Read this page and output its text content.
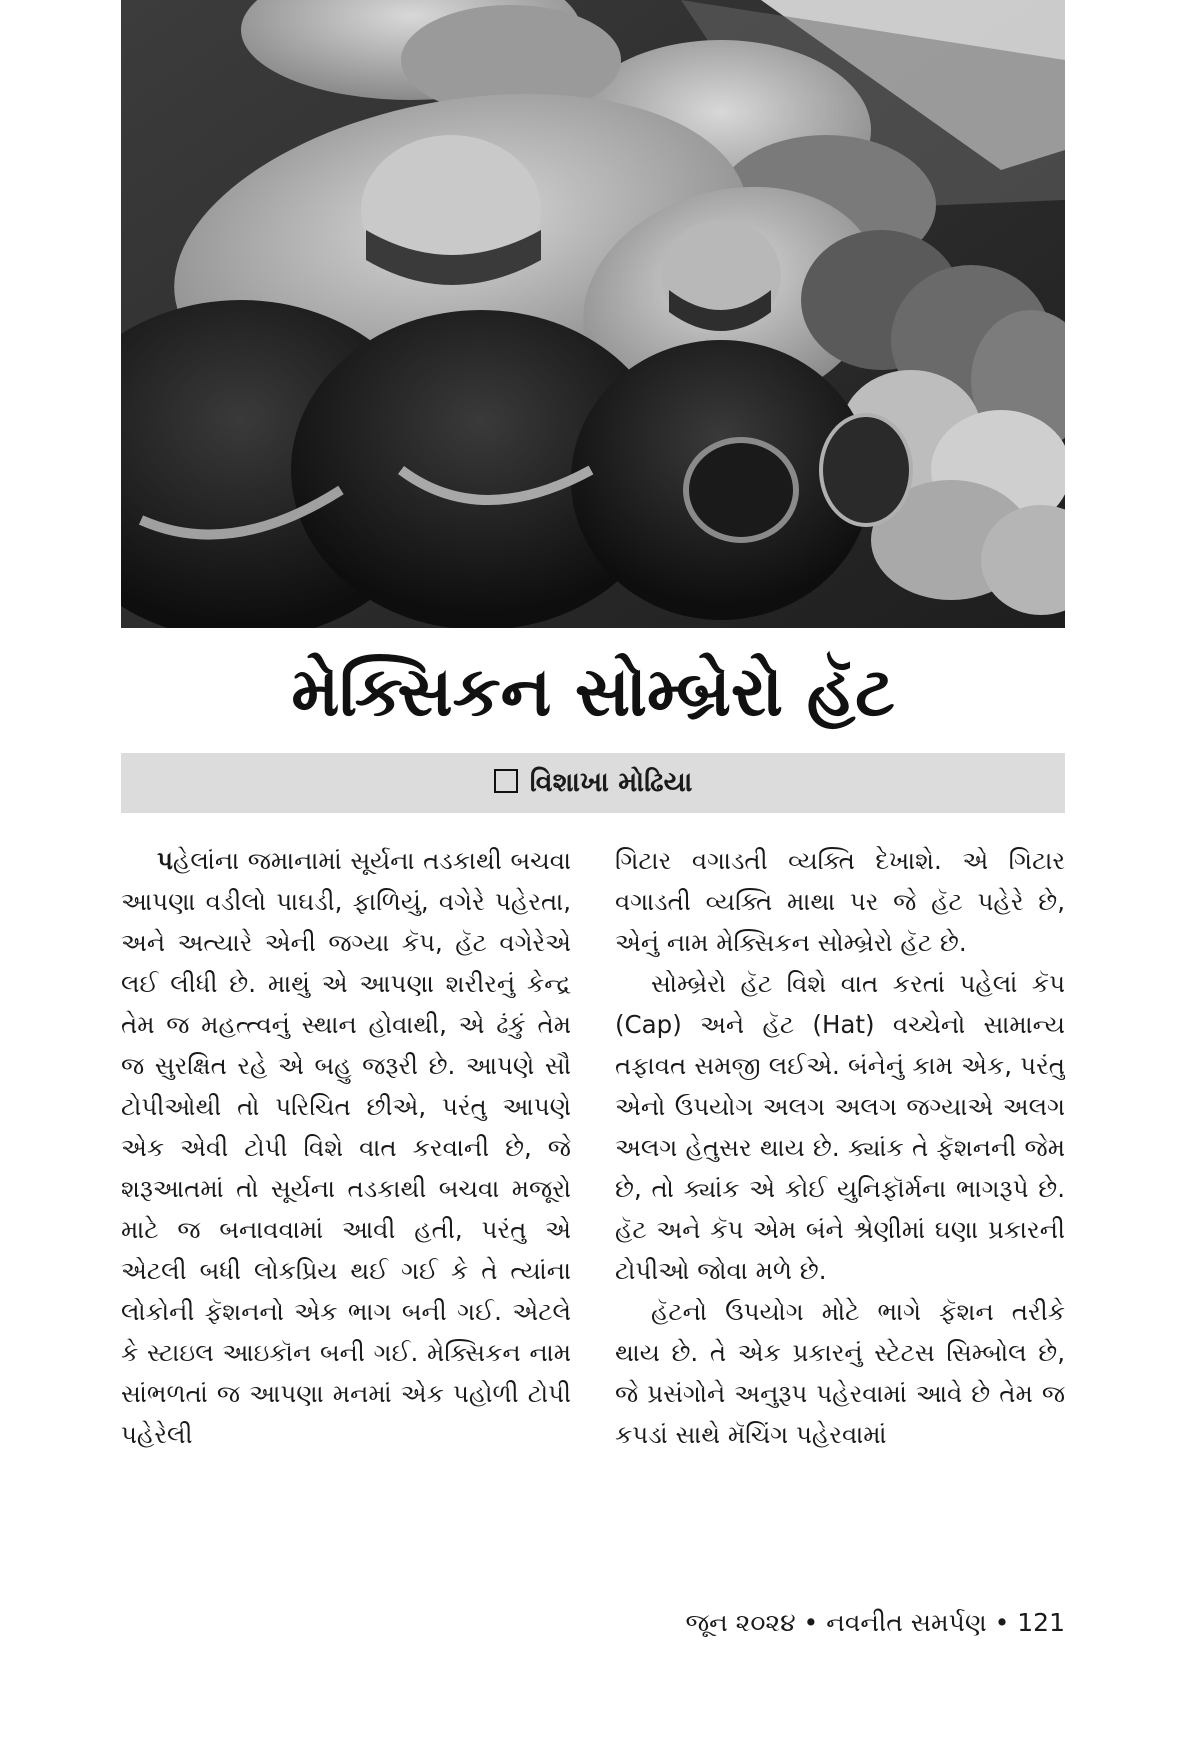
મેક્સિકન સોમ્બ્રેરો હૅટ
વિશાખા મોઢિયા

પહેલાંના જમાનામાં સૂર્યના તડકાથી બચવા આપણા વડીલો પાઘડી, ફાળિયું, વગેરે પહેરતા, અને અત્યારે એની જગ્યા કૅપ, હૅટ વગેરેએ લઈ લીધી છે. માથું એ આપણા શરીરનું કેન્દ્ર તેમ જ મહત્ત્વનું સ્થાન હોવાથી, એ ઢંકું તેમ જ સુરક્ષિત રહે એ બહુ જરૂરી છે. આપણે સૌ ટોપીઓથી તો પરિચિત છીએ, પરંતુ આપણે એક એવી ટોપી વિશે વાત કરવાની છે, જે શરૂઆતમાં તો સૂર્યના તડકાથી બચવા મજૂરો માટે જ બનાવવામાં આવી હતી, પરંતુ એ એટલી બધી લોકપ્રિય થઈ ગઈ કે તે ત્યાંના લોકોની ફૅશનનો એક ભાગ બની ગઈ. એટલે કે સ્ટાઇલ આઇકૉન બની ગઈ. મેક્સિકન નામ સાંભળતાં જ આપણા મનમાં એક પહોળી ટોપી પહેરેલી

ગિટાર વગાડતી વ્યક્તિ દેખાશે. એ ગિટાર વગાડતી વ્યક્તિ માથા પર જે હૅટ પહેરે છે, એનું નામ મેક્સિકન સોમ્બ્રેરો હૅટ છે.

સોમ્બ્રેરો હૅટ વિશે વાત કરતાં પહેલાં કૅપ (Cap) અને હૅટ (Hat) વચ્ચેનો સામાન્ય તફાવત સમજી લઈએ. બંનેનું કામ એક, પરંતુ એનો ઉપયોગ અલગ અલગ જગ્યાએ અલગ અલગ હેતુસર થાય છે. ક્યાંક તે ફૅશનની જેમ છે, તો ક્યાંક એ કોઈ યુનિફૉર્મના ભાગરૂપે છે. હૅટ અને કૅપ એમ બંને શ્રેણીમાં ઘણા પ્રકારની ટોપીઓ જોવા મળે છે.

હૅટનો ઉપયોગ મોટે ભાગે ફૅશન તરીકે થાય છે. તે એક પ્રકારનું સ્ટેટસ સિમ્બોલ છે, જે પ્રસંગોને અનુરૂપ પહેરવામાં આવે છે તેમ જ કપડાં સાથે મૅચિંગ પહેરવામાં

જૂન ૨૦૨૪ • નવનીત સમર્પણ • 121
